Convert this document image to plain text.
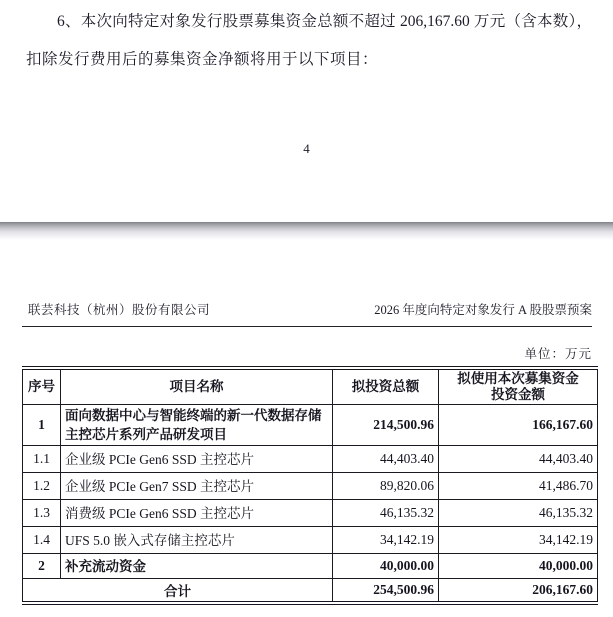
6、本次向特定对象发行股票募集资金总额不超过 206,167.60 万元（含本数），
扣除发行费用后的募集资金净额将用于以下项目：
4
联芸科技（杭州）股份有限公司	2026 年度向特定对象发行 A 股股票预案
单位：万元
序号	项目名称	拟投资总额	拟使用本次募集资金
投资金额

1	面向数据中心与智能终端的新一代数据存储主控芯片系列产品研发项目	214,500.96	166,167.60
1.1	企业级 PCIe Gen6 SSD 主控芯片	44,403.40	44,403.40
1.2	企业级 PCIe Gen7 SSD 主控芯片	89,820.06	41,486.70
1.3	消费级 PCIe Gen6 SSD 主控芯片	46,135.32	46,135.32
1.4	UFS 5.0 嵌入式存储主控芯片	34,142.19	34,142.19
2	补充流动资金	40,000.00	40,000.00
合计		254,500.96	206,167.60
